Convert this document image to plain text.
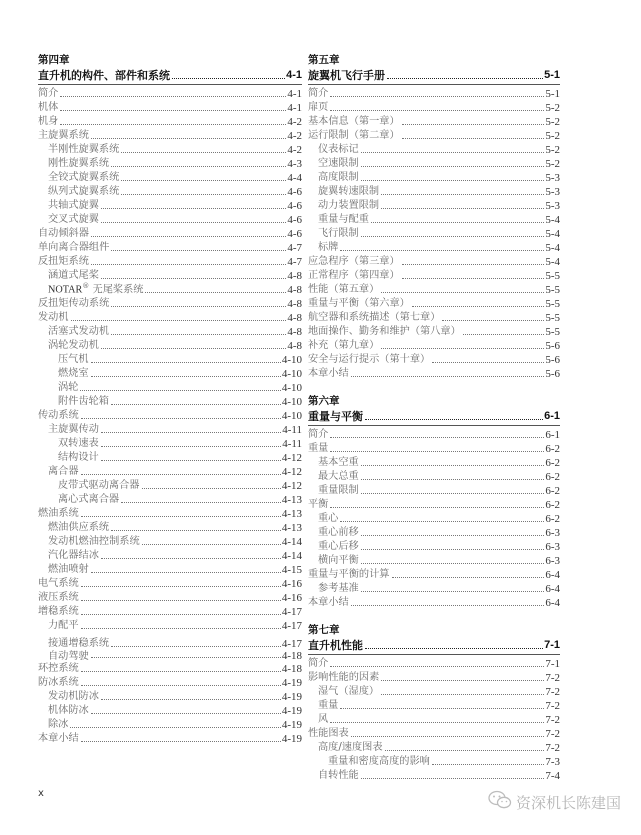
第四章
直升机的构件、部件和系统	4-1
简介	4-1
机体	4-1
机身	4-2
主旋翼系统	4-2
半刚性旋翼系统	4-2
刚性旋翼系统	4-3
全铰式旋翼系统	4-4
纵列式旋翼系统	4-6
共轴式旋翼	4-6
交叉式旋翼	4-6
自动倾斜器	4-6
单向离合器组件	4-7
反扭矩系统	4-7
涵道式尾桨	4-8
NOTAR® 无尾桨系统	4-8
反扭矩传动系统	4-8
发动机	4-8
活塞式发动机	4-8
涡轮发动机	4-8
压气机	4-10
燃烧室	4-10
涡轮	4-10
附件齿轮箱	4-10
传动系统	4-10
主旋翼传动	4-11
双转速表	4-11
结构设计	4-12
离合器	4-12
皮带式驱动离合器	4-12
离心式离合器	4-13
燃油系统	4-13
燃油供应系统	4-13
发动机燃油控制系统	4-14
汽化器结冰	4-14
燃油喷射	4-15
电气系统	4-16
液压系统	4-16
增稳系统	4-17
力配平	4-17
接通增稳系统	4-17
自动驾驶	4-18
环控系统	4-18
防冰系统	4-19
发动机防冰	4-19
机体防冰	4-19
除冰	4-19
本章小结	4-19
第五章
旋翼机飞行手册	5-1
简介	5-1
扉页	5-2
基本信息（第一章）	5-2
运行限制（第二章）	5-2
仪表标记	5-2
空速限制	5-2
高度限制	5-3
旋翼转速限制	5-3
动力装置限制	5-3
重量与配重	5-4
飞行限制	5-4
标牌	5-4
应急程序（第三章）	5-4
正常程序（第四章）	5-5
性能（第五章）	5-5
重量与平衡（第六章）	5-5
航空器和系统描述（第七章）	5-5
地面操作、勤务和维护（第八章）	5-5
补充（第九章）	5-6
安全与运行提示（第十章）	5-6
本章小结	5-6
第六章
重量与平衡	6-1
简介	6-1
重量	6-2
基本空重	6-2
最大总重	6-2
重量限制	6-2
平衡	6-2
重心	6-2
重心前移	6-3
重心后移	6-3
横向平衡	6-3
重量与平衡的计算	6-4
参考基准	6-4
本章小结	6-4
第七章
直升机性能	7-1
简介	7-1
影响性能的因素	7-2
湿气（湿度）	7-2
重量	7-2
风	7-2
性能图表	7-2
高度/速度图表	7-2
重量和密度高度的影响	7-3
自转性能	7-4
x	资深机长陈建国
